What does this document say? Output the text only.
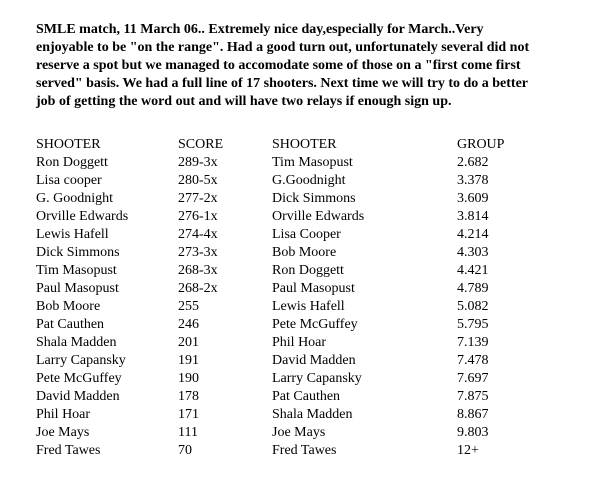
SMLE match, 11 March 06.. Extremely nice day,especially for March..Very
enjoyable to be "on the range". Had a good turn out, unfortunately several did not
reserve a spot but we managed to accomodate some of those on a "first come first
served" basis. We had a full line of 17 shooters. Next time we will try to do a better
job of getting the word out and will have two relays if enough sign up.
SHOOTER	SCORE	SHOOTER	GROUP
Ron Doggett	289-3x	Tim Masopust	2.682
Lisa cooper	280-5x	G.Goodnight	3.378
G. Goodnight	277-2x	Dick Simmons	3.609
Orville Edwards	276-1x	Orville Edwards	3.814
Lewis Hafell	274-4x	Lisa Cooper	4.214
Dick Simmons	273-3x	Bob Moore	4.303
Tim Masopust	268-3x	Ron Doggett	4.421
Paul Masopust	268-2x	Paul Masopust	4.789
Bob Moore	255	Lewis Hafell	5.082
Pat Cauthen	246	Pete McGuffey	5.795
Shala Madden	201	Phil Hoar	7.139
Larry Capansky	191	David Madden	7.478
Pete McGuffey	190	Larry Capansky	7.697
David Madden	178	Pat Cauthen	7.875
Phil Hoar	171	Shala Madden	8.867
Joe Mays	111	Joe Mays	9.803
Fred Tawes	70	Fred Tawes	12+
